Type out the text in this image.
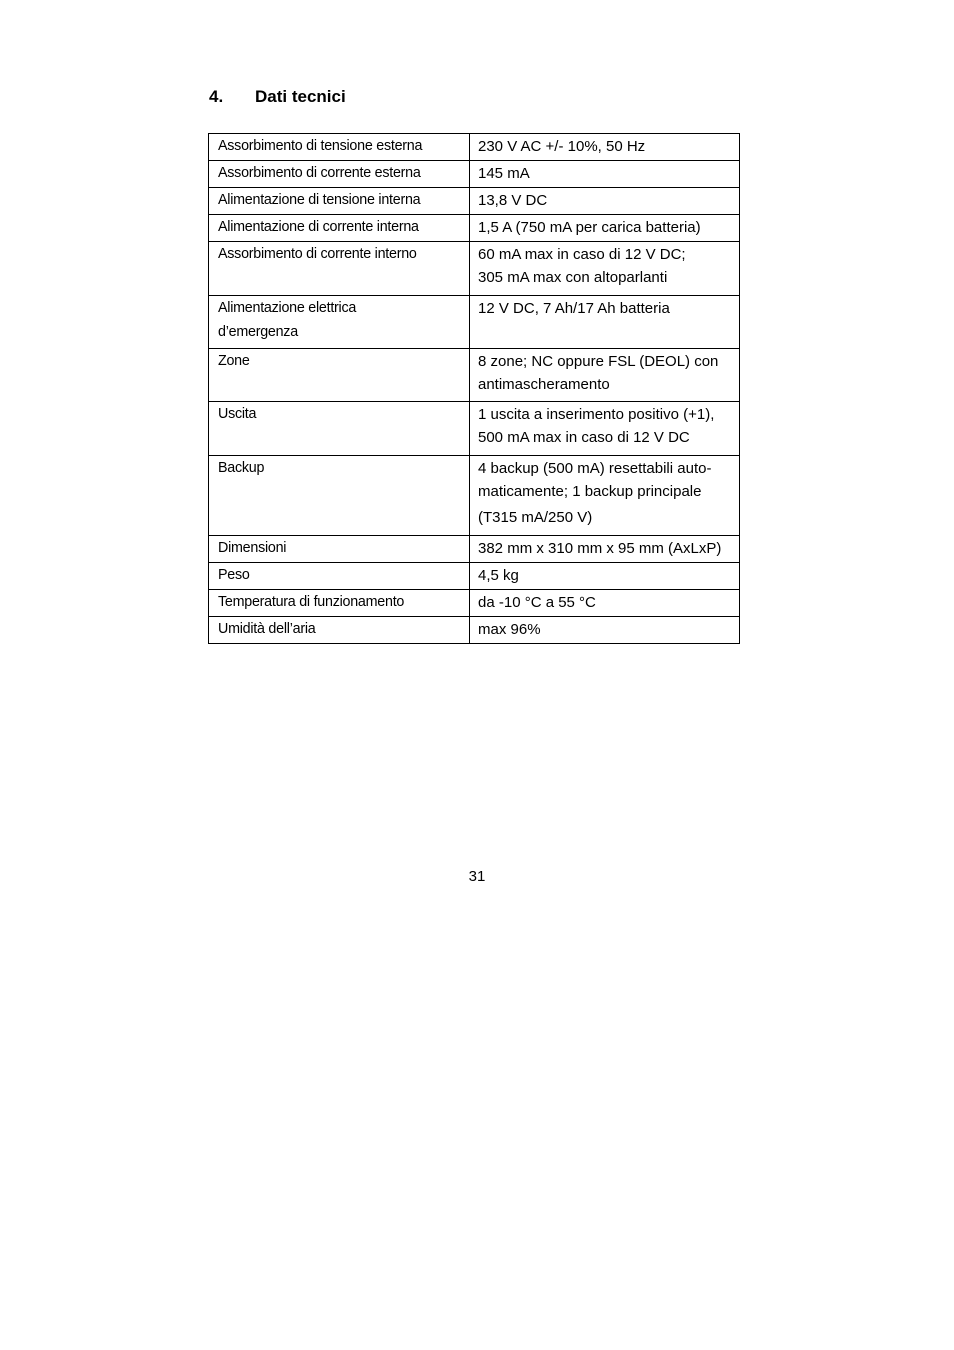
4. Dati tecnici
Assorbimento di tensione esterna	230 V AC +/- 10%, 50 Hz

Assorbimento di corrente esterna	145 mA

Alimentazione di tensione interna	13,8 V DC

Alimentazione di corrente interna	1,5 A (750 mA per carica batteria)

Assorbimento di corrente interno	60 mA max in caso di 12 V DC;
305 mA max con altoparlanti

Alimentazione elettrica
d’emergenza	12 V DC, 7 Ah/17 Ah batteria

Zone	8 zone; NC oppure FSL (DEOL) con
antimascheramento

Uscita	1 uscita a inserimento positivo (+1),
500 mA max in caso di 12 V DC

Backup	4 backup (500 mA) resettabili auto-
maticamente; 1 backup principale
(T315 mA/250 V)

Dimensioni	382 mm x 310 mm x 95 mm (AxLxP)

Peso	4,5 kg

Temperatura di funzionamento	da -10 °C a 55 °C

Umidità dell’aria	max 96%
31
